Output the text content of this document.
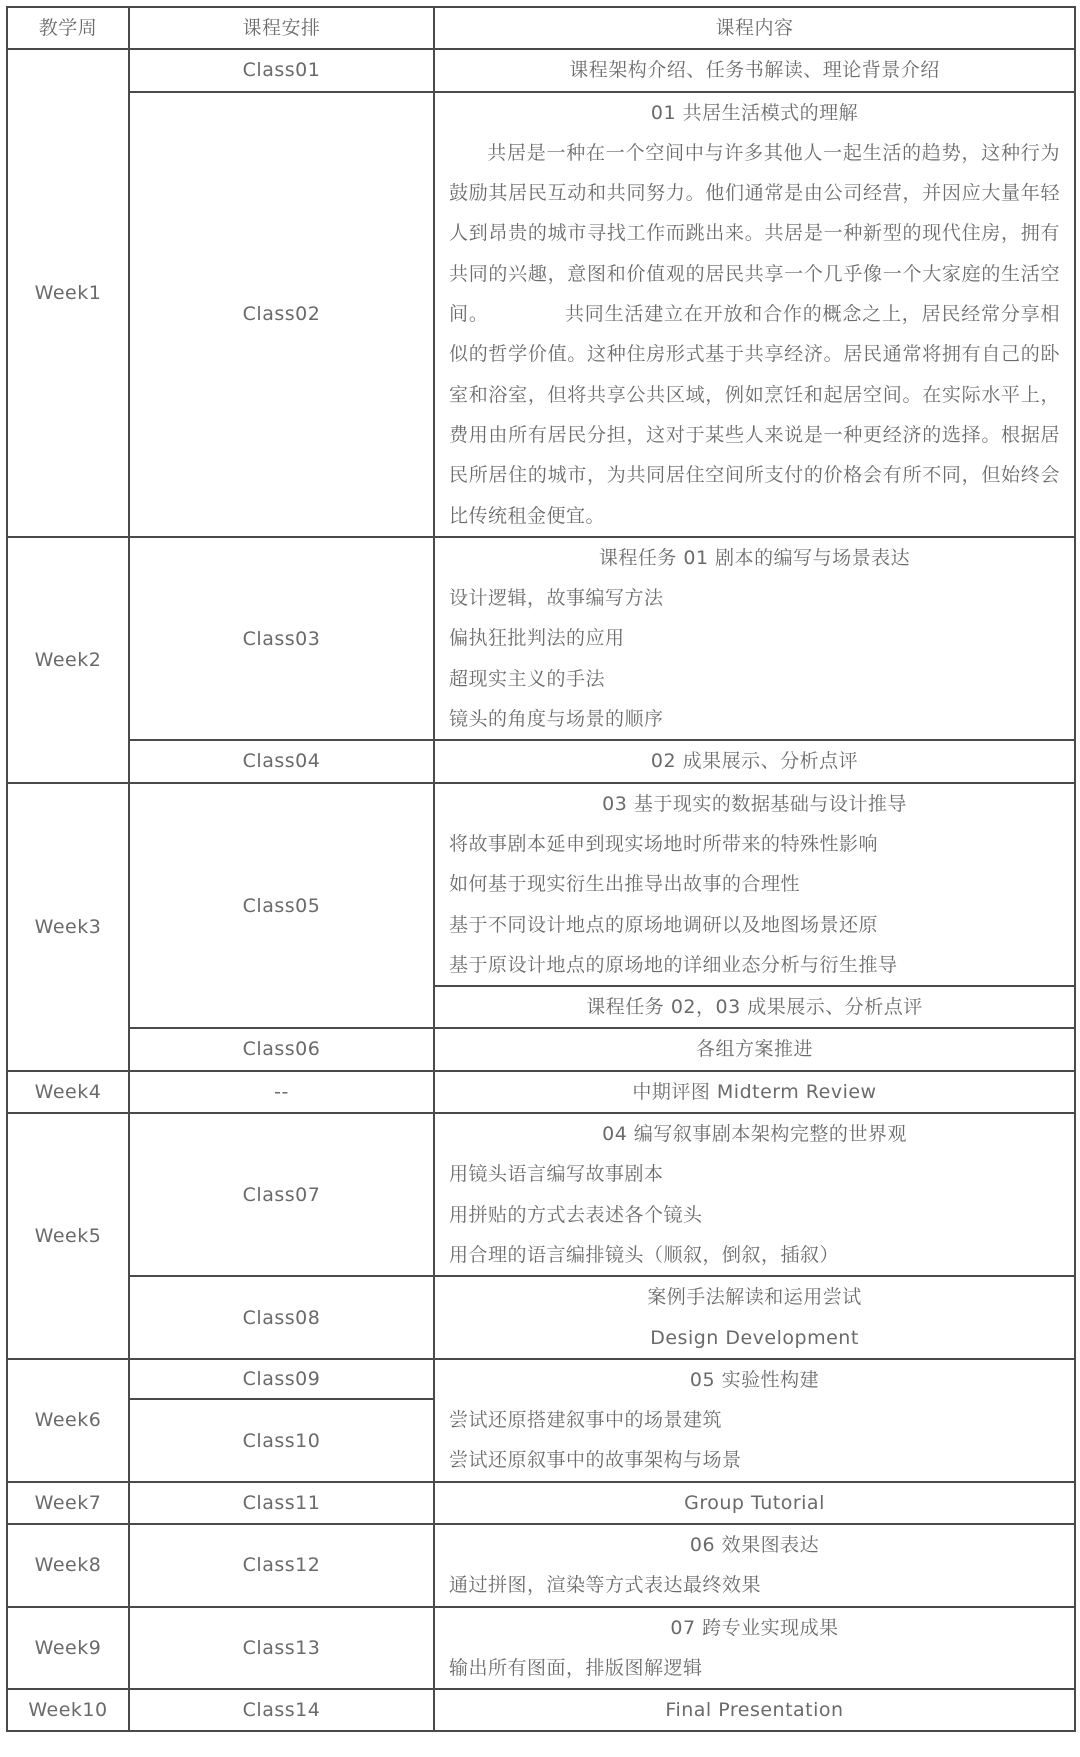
教学周	课程安排	课程内容

Week1	Class01	课程架构介绍、任务书解读、理论背景介绍

	Class02	01 共居生活模式的理解
共居是一种在一个空间中与许多其他人一起生活的趋势，这种行为鼓励其居民互动和共同努力。他们通常是由公司经营，并因应大量年轻人到昂贵的城市寻找工作而跳出来。共居是一种新型的现代住房，拥有共同的兴趣，意图和价值观的居民共享一个几乎像一个大家庭的生活空间。 共同生活建立在开放和合作的概念之上，居民经常分享相似的哲学价值。这种住房形式基于共享经济。居民通常将拥有自己的卧室和浴室，但将共享公共区域，例如烹饪和起居空间。在实际水平上，费用由所有居民分担，这对于某些人来说是一种更经济的选择。根据居民所居住的城市，为共同居住空间所支付的价格会有所不同，但始终会比传统租金便宜。

Week2	Class03	课程任务 01 剧本的编写与场景表达
设计逻辑，故事编写方法
偏执狂批判法的应用
超现实主义的手法
镜头的角度与场景的顺序

	Class04	02 成果展示、分析点评

Week3	Class05	03 基于现实的数据基础与设计推导
将故事剧本延申到现实场地时所带来的特殊性影响
如何基于现实衍生出推导出故事的合理性
基于不同设计地点的原场地调研以及地图场景还原
基于原设计地点的原场地的详细业态分析与衍生推导

		课程任务 02，03 成果展示、分析点评

	Class06	各组方案推进

Week4	--	中期评图 Midterm Review

Week5	Class07	04 编写叙事剧本架构完整的世界观
用镜头语言编写故事剧本
用拼贴的方式去表述各个镜头
用合理的语言编排镜头（顺叙，倒叙，插叙）

	Class08	案例手法解读和运用尝试
Design Development

Week6	Class09	05 实验性构建
尝试还原搭建叙事中的场景建筑
尝试还原叙事中的故事架构与场景

	Class10	

Week7	Class11	Group Tutorial

Week8	Class12	06 效果图表达
通过拼图，渲染等方式表达最终效果

Week9	Class13	07 跨专业实现成果
输出所有图面，排版图解逻辑

Week10	Class14	Final Presentation
